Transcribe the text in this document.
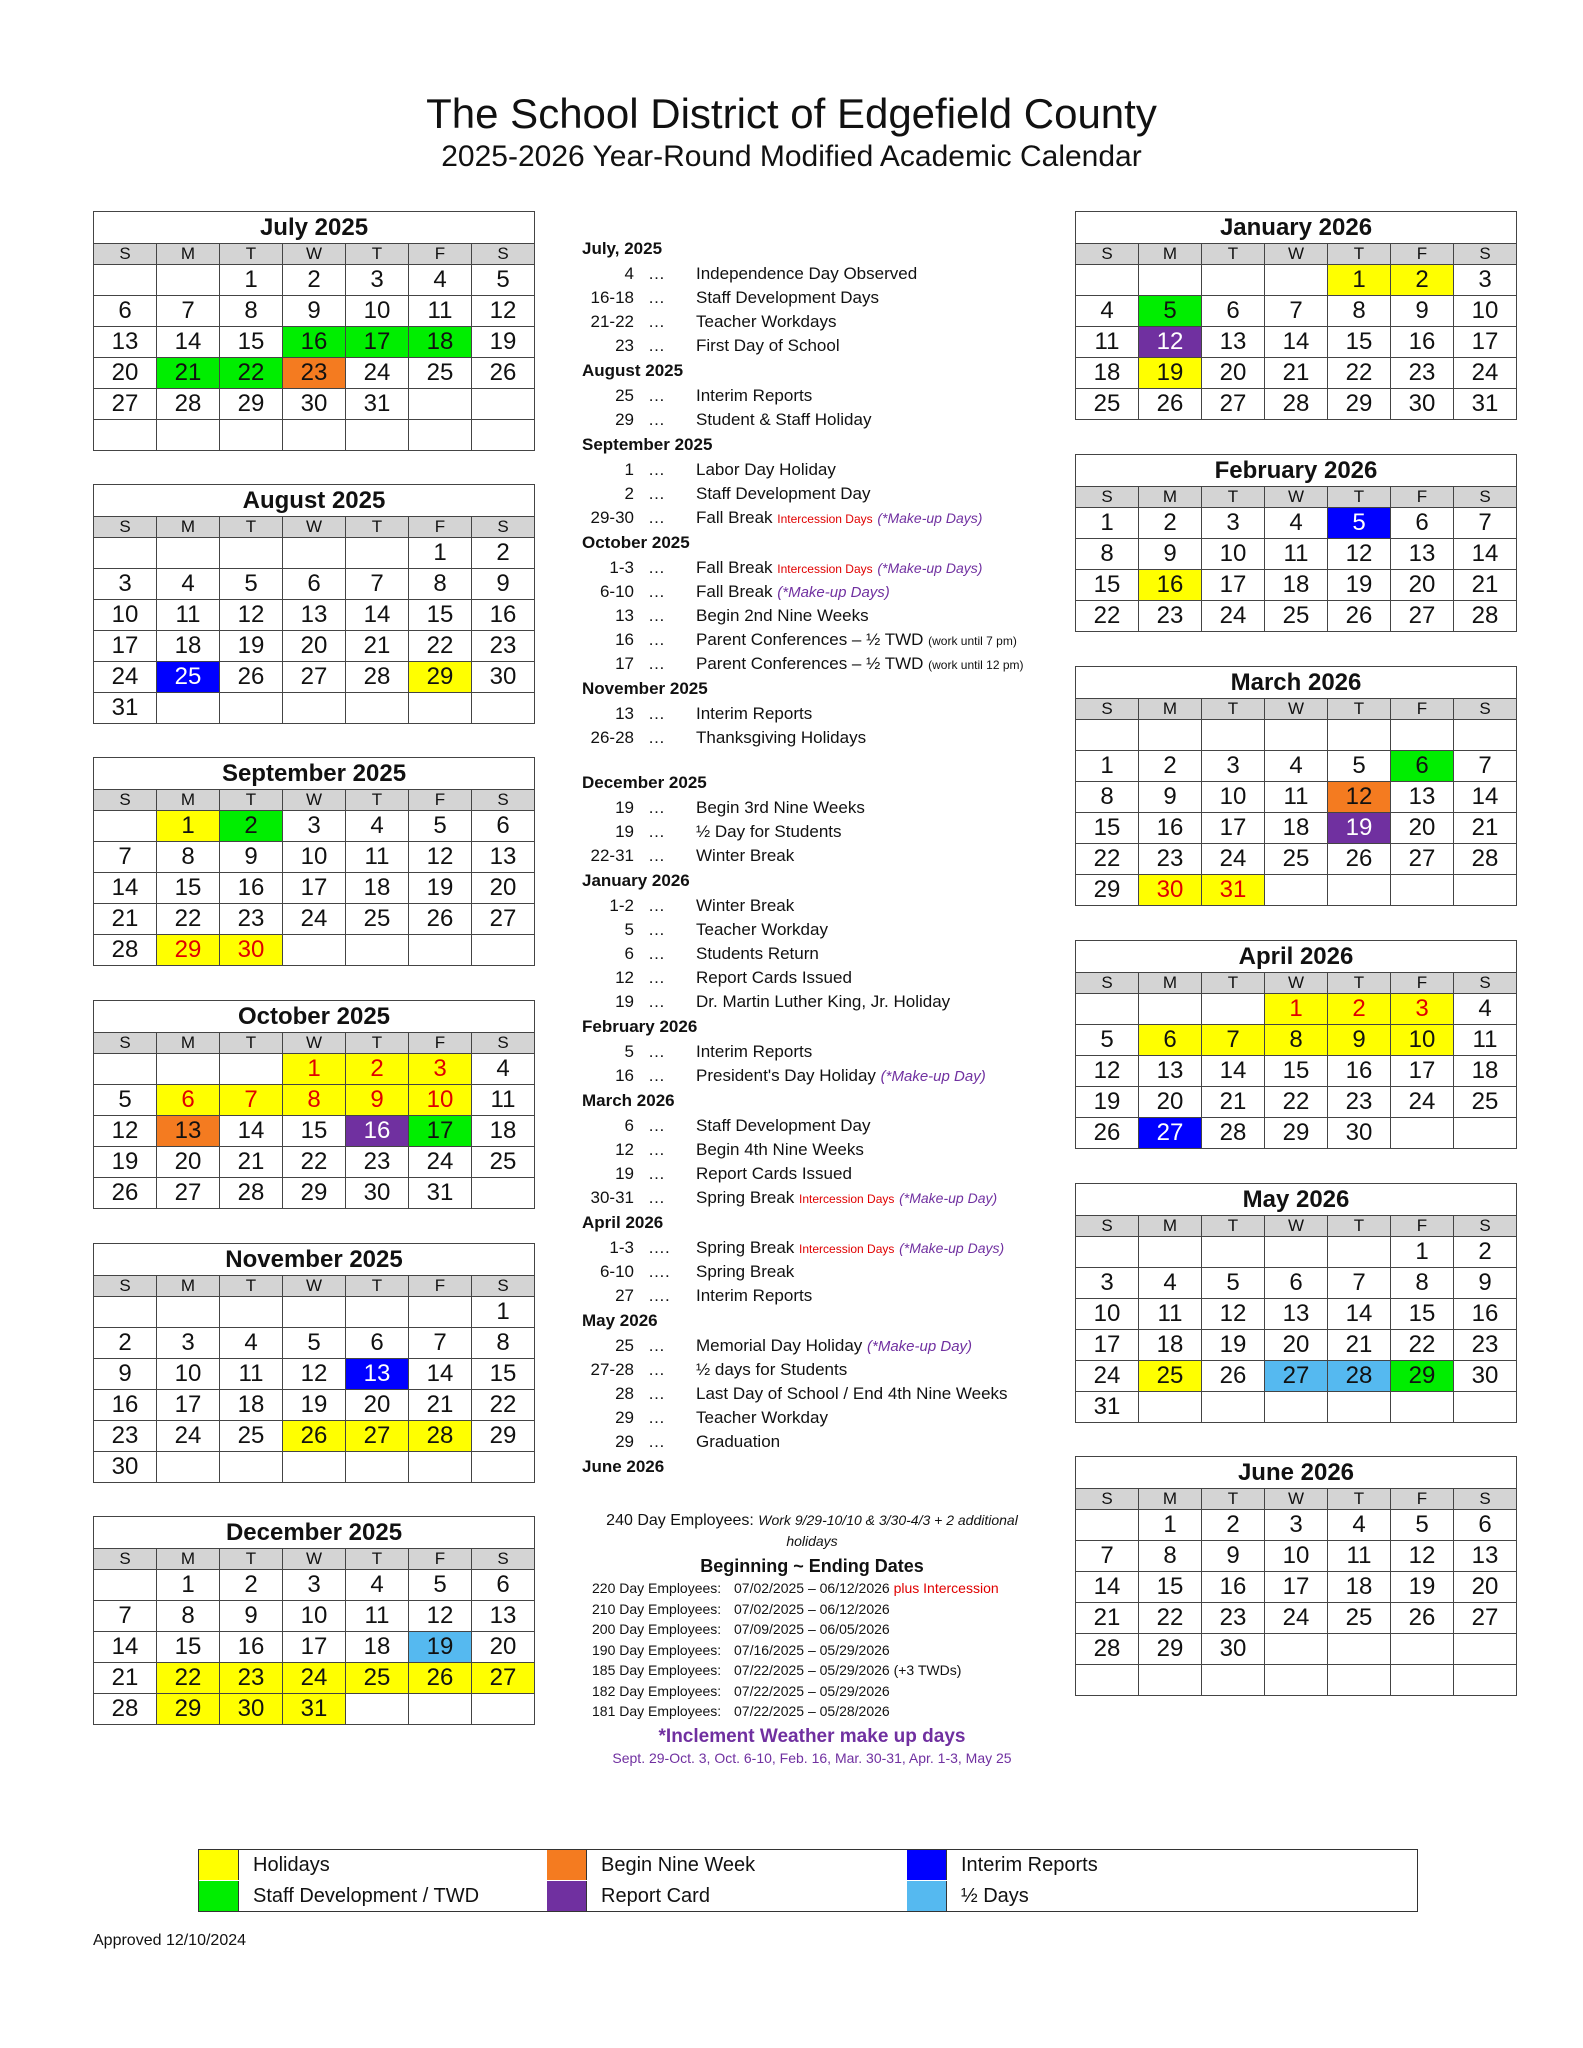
The School District of Edgefield County
2025-2026 Year-Round Modified Academic Calendar
July 2025						
S	M	T	W	T	F	S
		1	2	3	4	5
6	7	8	9	10	11	12
13	14	15	16	17	18	19
20	21	22	23	24	25	26
27	28	29	30	31		

August 2025						
S	M	T	W	T	F	S
					1	2
3	4	5	6	7	8	9
10	11	12	13	14	15	16
17	18	19	20	21	22	23
24	25	26	27	28	29	30
31						
September 2025						
S	M	T	W	T	F	S
	1	2	3	4	5	6
7	8	9	10	11	12	13
14	15	16	17	18	19	20
21	22	23	24	25	26	27
28	29	30				
October 2025						
S	M	T	W	T	F	S
			1	2	3	4
5	6	7	8	9	10	11
12	13	14	15	16	17	18
19	20	21	22	23	24	25
26	27	28	29	30	31	
November 2025						
S	M	T	W	T	F	S
						1
2	3	4	5	6	7	8
9	10	11	12	13	14	15
16	17	18	19	20	21	22
23	24	25	26	27	28	29
30						
December 2025						
S	M	T	W	T	F	S
	1	2	3	4	5	6
7	8	9	10	11	12	13
14	15	16	17	18	19	20
21	22	23	24	25	26	27
28	29	30	31			
January 2026						
S	M	T	W	T	F	S
				1	2	3
4	5	6	7	8	9	10
11	12	13	14	15	16	17
18	19	20	21	22	23	24
25	26	27	28	29	30	31
February 2026						
S	M	T	W	T	F	S
1	2	3	4	5	6	7
8	9	10	11	12	13	14
15	16	17	18	19	20	21
22	23	24	25	26	27	28
March 2026						
S	M	T	W	T	F	S

1	2	3	4	5	6	7
8	9	10	11	12	13	14
15	16	17	18	19	20	21
22	23	24	25	26	27	28
29	30	31				
April 2026						
S	M	T	W	T	F	S
			1	2	3	4
5	6	7	8	9	10	11
12	13	14	15	16	17	18
19	20	21	22	23	24	25
26	27	28	29	30		
May 2026						
S	M	T	W	T	F	S
					1	2
3	4	5	6	7	8	9
10	11	12	13	14	15	16
17	18	19	20	21	22	23
24	25	26	27	28	29	30
31						
June 2026						
S	M	T	W	T	F	S
	1	2	3	4	5	6
7	8	9	10	11	12	13
14	15	16	17	18	19	20
21	22	23	24	25	26	27
28	29	30				

July, 2025
4 … Independence Day Observed
16-18 … Staff Development Days
21-22 … Teacher Workdays
23 … First Day of School
August 2025
25 … Interim Reports
29 … Student & Staff Holiday
September 2025
1 … Labor Day Holiday
2 … Staff Development Day
29-30 … Fall Break Intercession Days (*Make-up Days)
October 2025
1-3 … Fall Break Intercession Days (*Make-up Days)
6-10 … Fall Break (*Make-up Days)
13 … Begin 2nd Nine Weeks
16 … Parent Conferences – ½ TWD (work until 7 pm)
17 … Parent Conferences – ½ TWD (work until 12 pm)
November 2025
13 … Interim Reports
26-28 … Thanksgiving Holidays
December 2025
19 … Begin 3rd Nine Weeks
19 … ½ Day for Students
22-31 … Winter Break
January 2026
1-2 … Winter Break
5 … Teacher Workday
6 … Students Return
12 … Report Cards Issued
19 … Dr. Martin Luther King, Jr. Holiday
February 2026
5 … Interim Reports
16 … President's Day Holiday (*Make-up Day)
March 2026
6 … Staff Development Day
12 … Begin 4th Nine Weeks
19 … Report Cards Issued
30-31 … Spring Break Intercession Days (*Make-up Day)
April 2026
1-3 …. Spring Break Intercession Days (*Make-up Days)
6-10 …. Spring Break
27 …. Interim Reports
May 2026
25 … Memorial Day Holiday (*Make-up Day)
27-28 … ½ days for Students
28 … Last Day of School / End 4th Nine Weeks
29 … Teacher Workday
29 … Graduation
June 2026
240 Day Employees: Work 9/29-10/10 & 3/30-4/3 + 2 additional holidays
Beginning ~ Ending Dates
220 Day Employees: 07/02/2025 – 06/12/2026 plus Intercession
210 Day Employees: 07/02/2025 – 06/12/2026
200 Day Employees: 07/09/2025 – 06/05/2026
190 Day Employees: 07/16/2025 – 05/29/2026
185 Day Employees: 07/22/2025 – 05/29/2026 (+3 TWDs)
182 Day Employees: 07/22/2025 – 05/29/2026
181 Day Employees: 07/22/2025 – 05/28/2026
*Inclement Weather make up days
Sept. 29-Oct. 3, Oct. 6-10, Feb. 16, Mar. 30-31, Apr. 1-3, May 25
Holidays
Staff Development / TWD
Begin Nine Week
Report Card
Interim Reports
½ Days
Approved 12/10/2024
